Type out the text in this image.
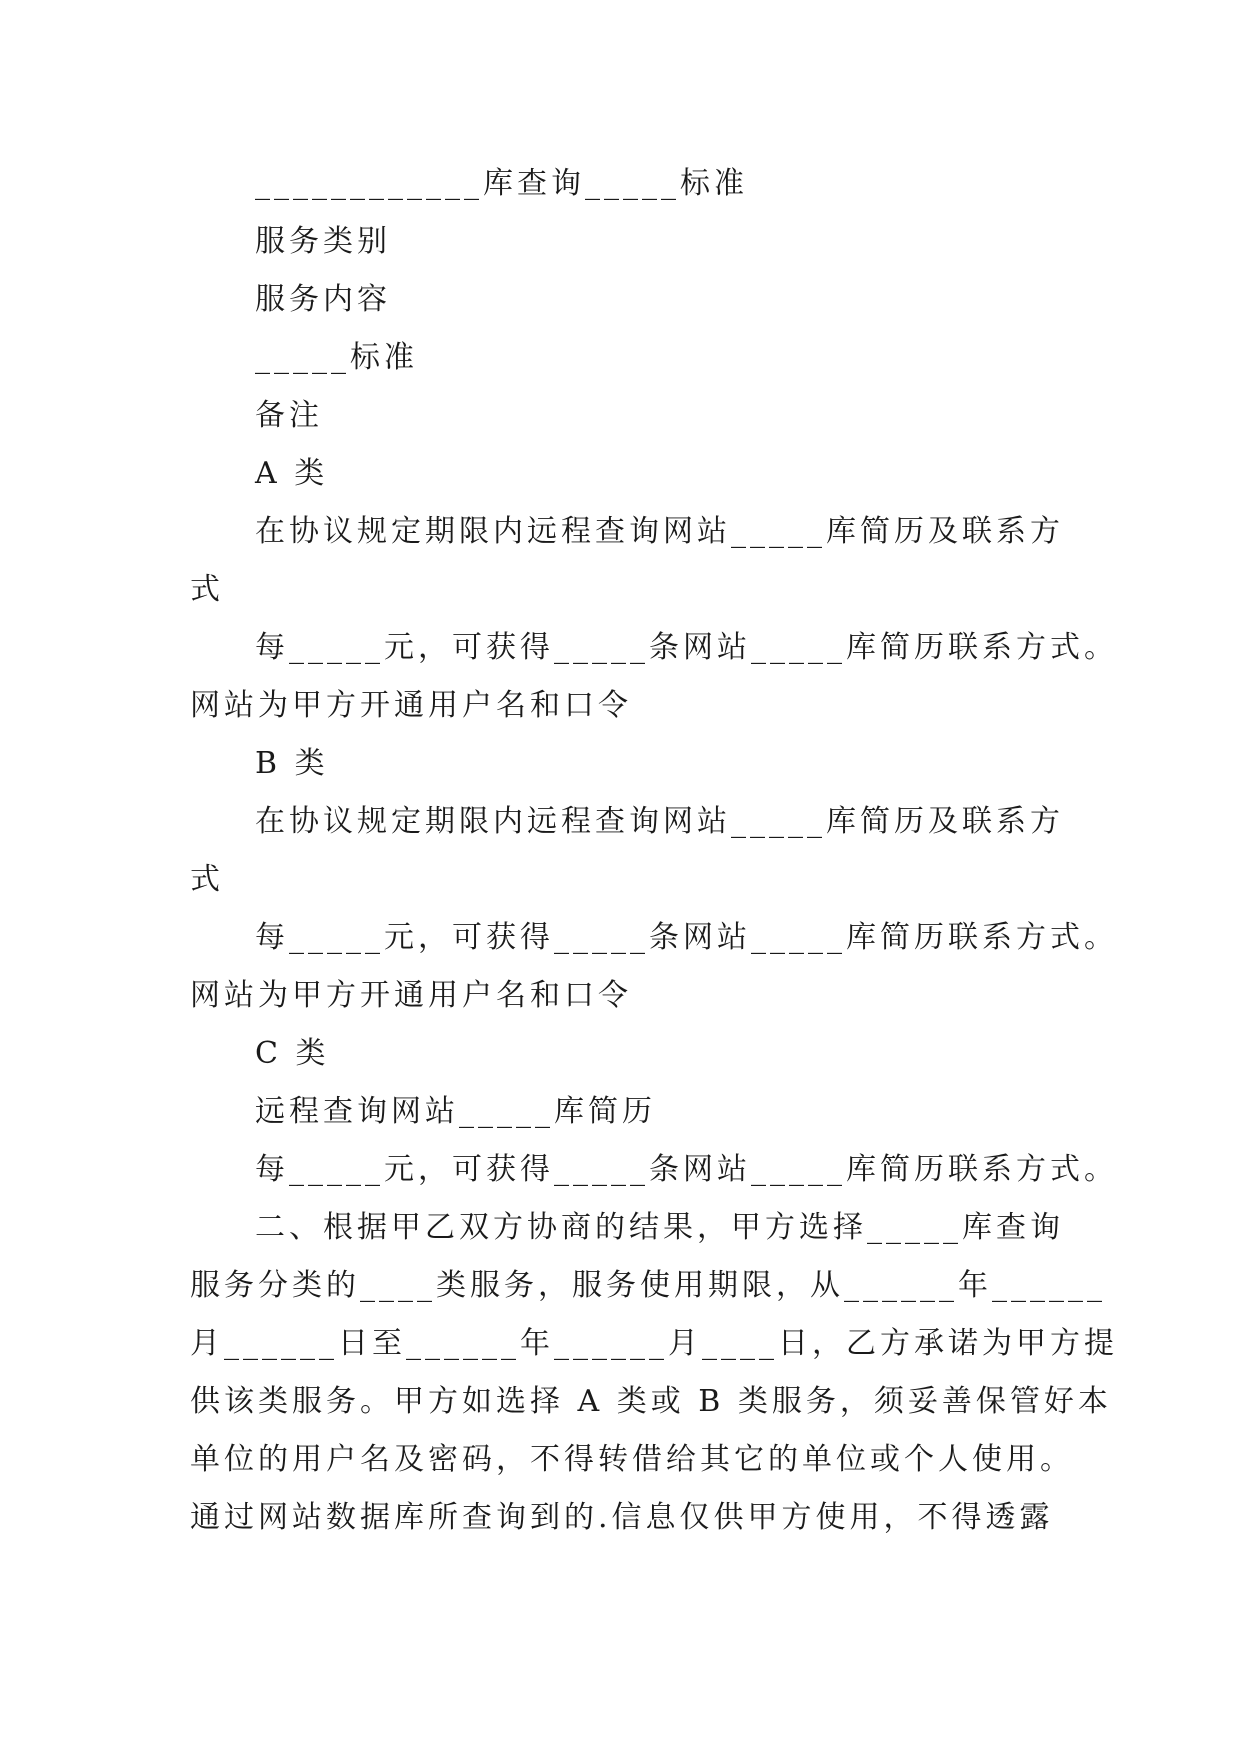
____________库查询_____标准
服务类别
服务内容
_____标准
备注
A 类
在协议规定期限内远程查询网站_____库简历及联系方
式
每_____元，可获得_____条网站_____库简历联系方式。
网站为甲方开通用户名和口令
B 类
在协议规定期限内远程查询网站_____库简历及联系方
式
每_____元，可获得_____条网站_____库简历联系方式。
网站为甲方开通用户名和口令
C 类
远程查询网站_____库简历
每_____元，可获得_____条网站_____库简历联系方式。
二、根据甲乙双方协商的结果，甲方选择_____库查询
服务分类的____类服务，服务使用期限，从______年______
月______日至______年______月____日，乙方承诺为甲方提
供该类服务。甲方如选择 A 类或 B 类服务，须妥善保管好本
单位的用户名及密码，不得转借给其它的单位或个人使用。
通过网站数据库所查询到的.信息仅供甲方使用，不得透露
